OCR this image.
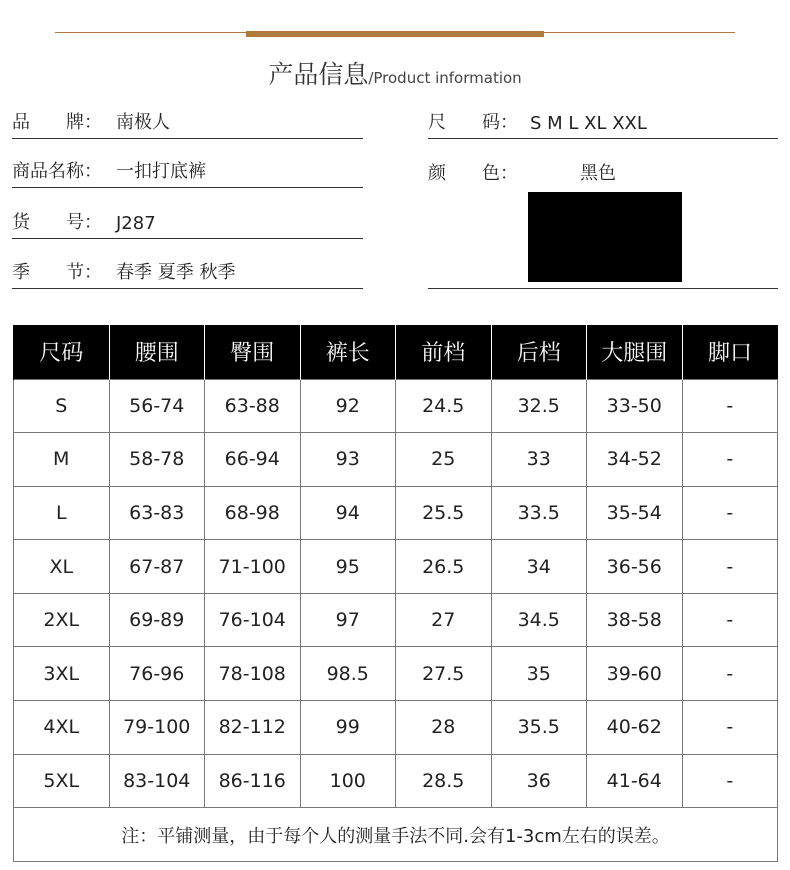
产品信息/Product information
品　　牌： 南极人
商品名称： 一扣打底裤
货　　号： J287
季　　节： 春季 夏季 秋季
尺　　码： S M L XL XXL
颜　　色：	黑色
尺码	腰围	臀围	裤长	前档	后档	大腿围	脚口
S	56-74	63-88	92	24.5	32.5	33-50	-
M	58-78	66-94	93	25	33	34-52	-
L	63-83	68-98	94	25.5	33.5	35-54	-
XL	67-87	71-100	95	26.5	34	36-56	-
2XL	69-89	76-104	97	27	34.5	38-58	-
3XL	76-96	78-108	98.5	27.5	35	39-60	-
4XL	79-100	82-112	99	28	35.5	40-62	-
5XL	83-104	86-116	100	28.5	36	41-64	-
注：平铺测量，由于每个人的测量手法不同.会有1-3cm左右的误差。							
